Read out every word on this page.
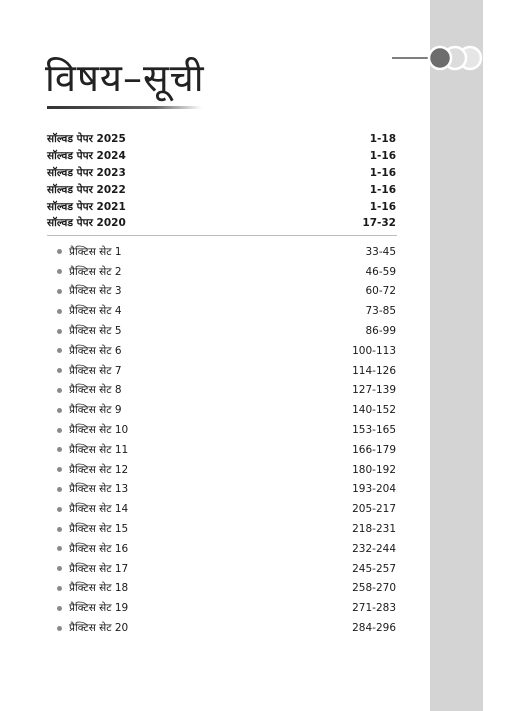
विषय–सूची
सॉल्वड पेपर 2025	1-18
सॉल्वड पेपर 2024	1-16
सॉल्वड पेपर 2023	1-16
सॉल्वड पेपर 2022	1-16
सॉल्वड पेपर 2021	1-16
सॉल्वड पेपर 2020	17-32
प्रैक्टिस सेट 1	33-45
प्रैक्टिस सेट 2	46-59
प्रैक्टिस सेट 3	60-72
प्रैक्टिस सेट 4	73-85
प्रैक्टिस सेट 5	86-99
प्रैक्टिस सेट 6	100-113
प्रैक्टिस सेट 7	114-126
प्रैक्टिस सेट 8	127-139
प्रैक्टिस सेट 9	140-152
प्रैक्टिस सेट 10	153-165
प्रैक्टिस सेट 11	166-179
प्रैक्टिस सेट 12	180-192
प्रैक्टिस सेट 13	193-204
प्रैक्टिस सेट 14	205-217
प्रैक्टिस सेट 15	218-231
प्रैक्टिस सेट 16	232-244
प्रैक्टिस सेट 17	245-257
प्रैक्टिस सेट 18	258-270
प्रैक्टिस सेट 19	271-283
प्रैक्टिस सेट 20	284-296
